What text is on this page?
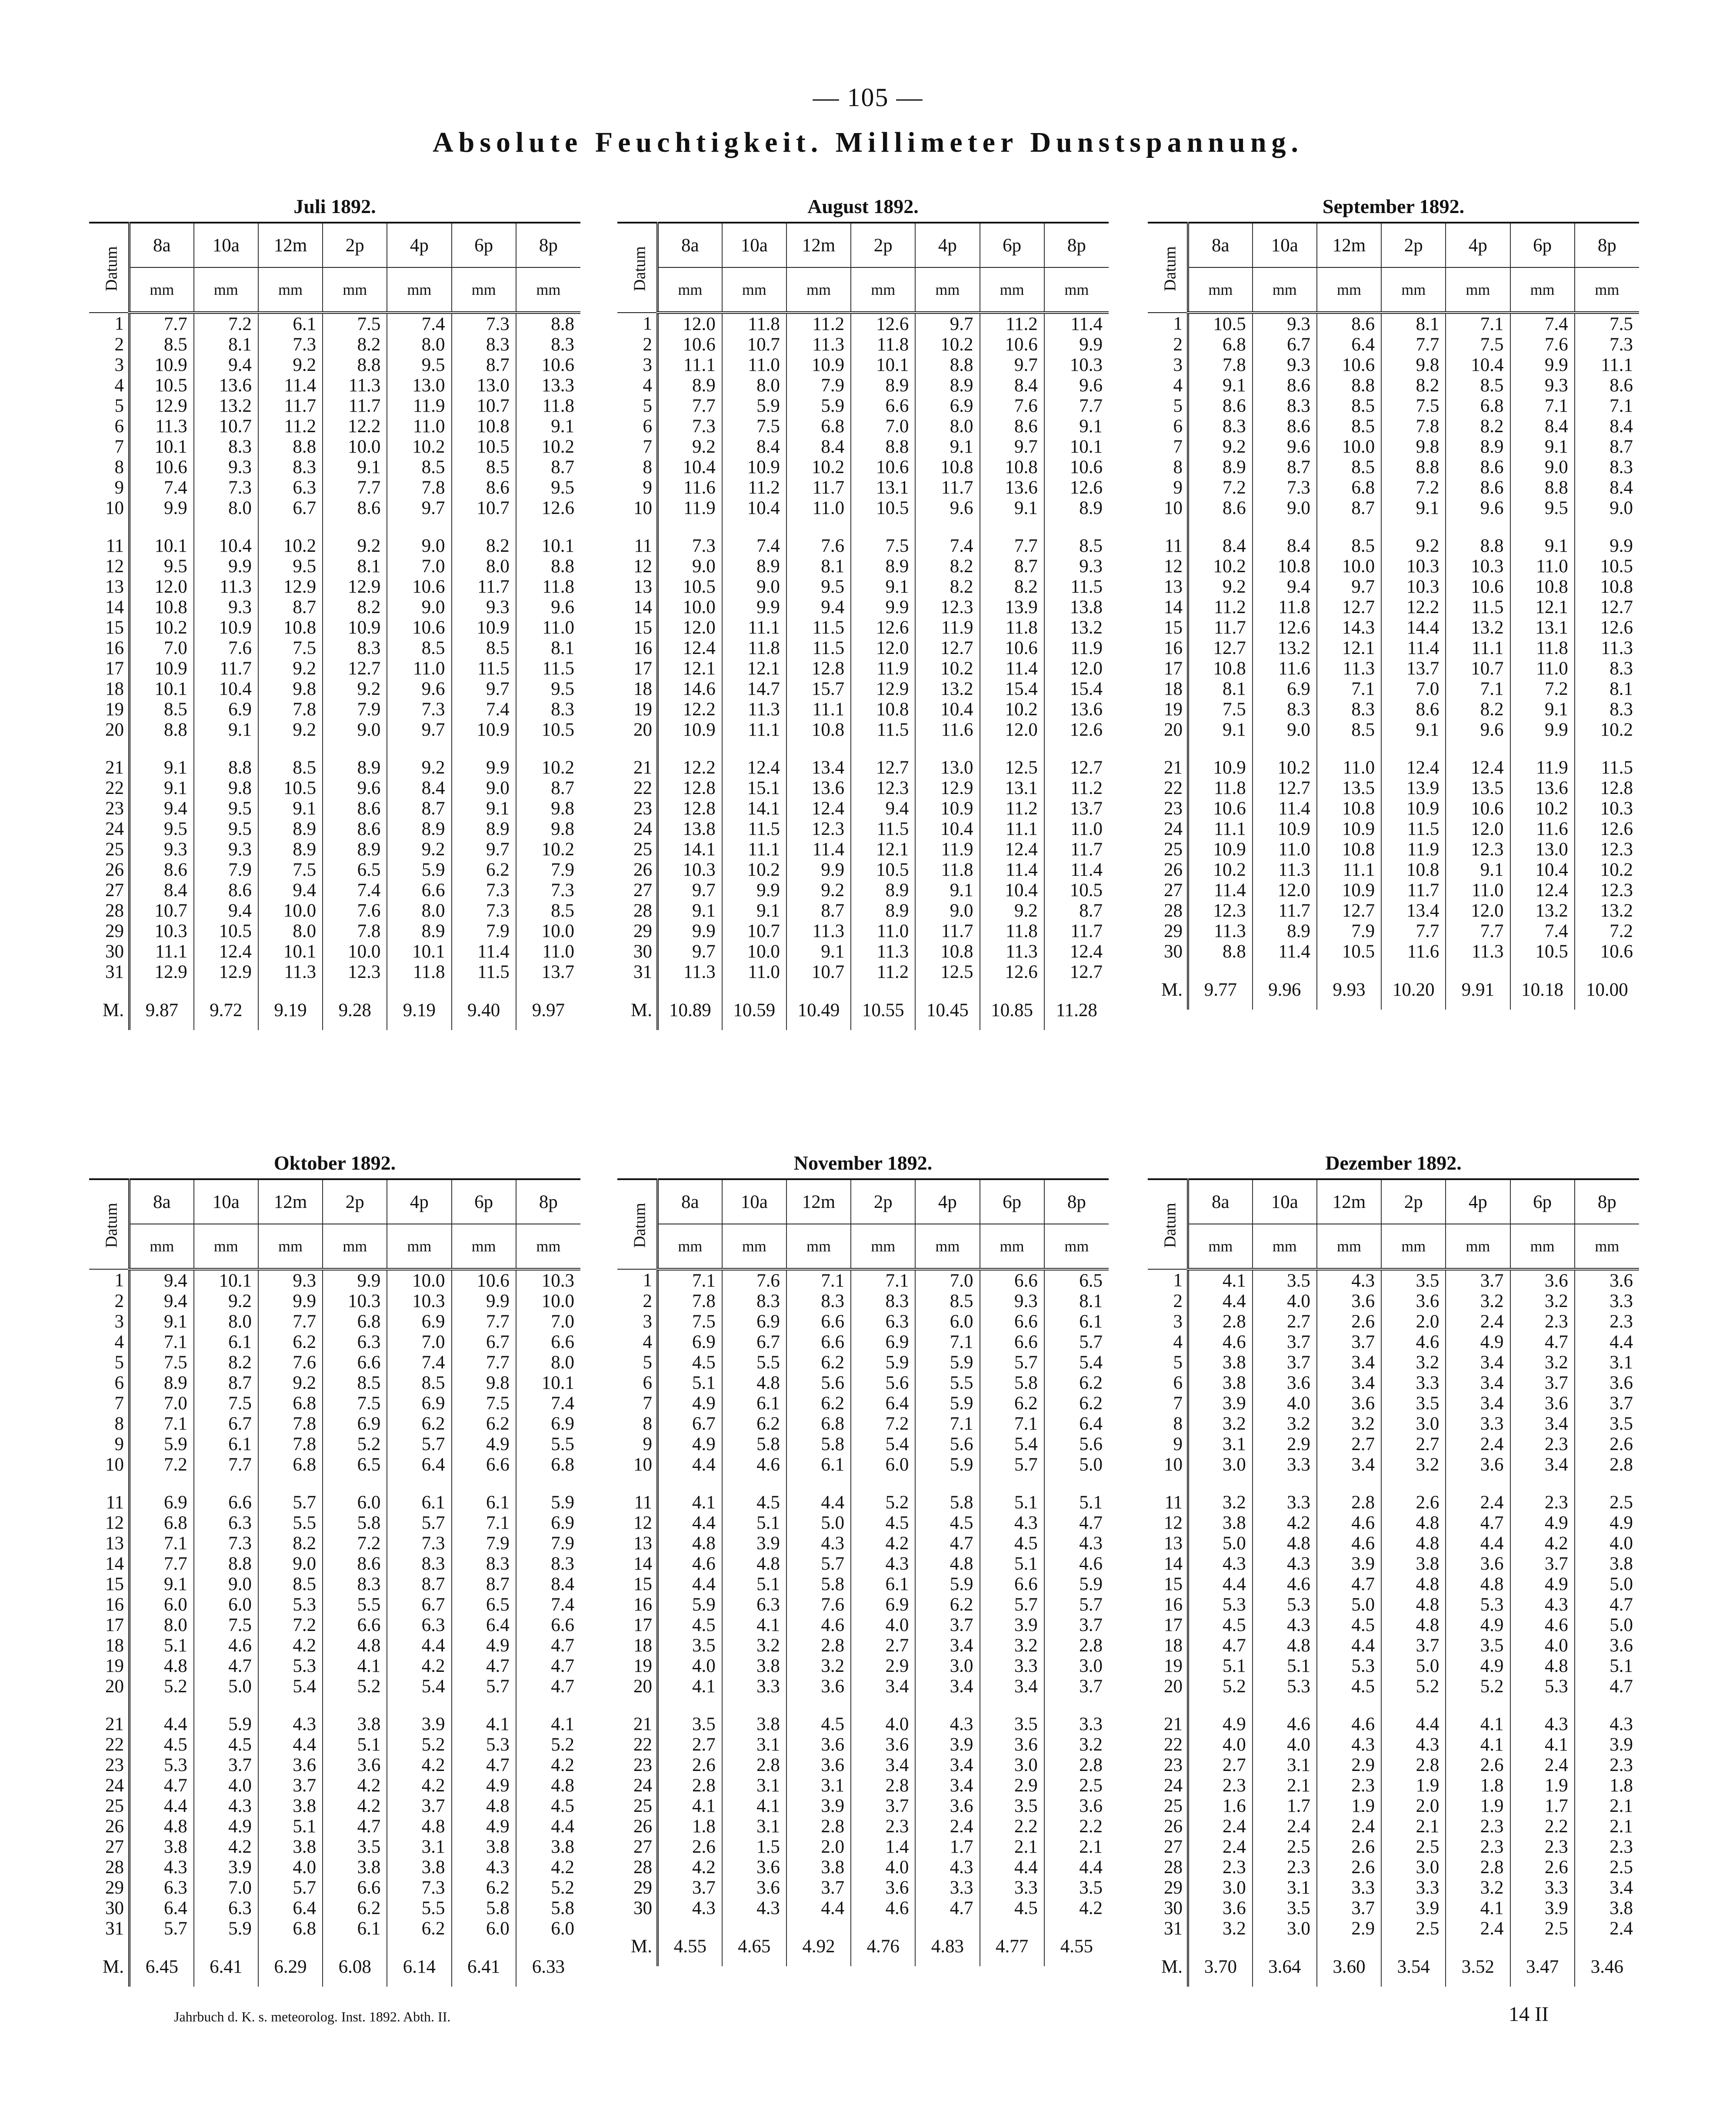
— 105 —
Absolute Feuchtigkeit. Millimeter Dunstspannung.
Juli 1892.
Datum	8a	10a	12m	2p	4p	6p	8p
	mm	mm	mm	mm	mm	mm	mm
1	7.7	7.2	6.1	7.5	7.4	7.3	8.8
2	8.5	8.1	7.3	8.2	8.0	8.3	8.3
3	10.9	9.4	9.2	8.8	9.5	8.7	10.6
4	10.5	13.6	11.4	11.3	13.0	13.0	13.3
5	12.9	13.2	11.7	11.7	11.9	10.7	11.8
6	11.3	10.7	11.2	12.2	11.0	10.8	9.1
7	10.1	8.3	8.8	10.0	10.2	10.5	10.2
8	10.6	9.3	8.3	9.1	8.5	8.5	8.7
9	7.4	7.3	6.3	7.7	7.8	8.6	9.5
10	9.9	8.0	6.7	8.6	9.7	10.7	12.6

11	10.1	10.4	10.2	9.2	9.0	8.2	10.1
12	9.5	9.9	9.5	8.1	7.0	8.0	8.8
13	12.0	11.3	12.9	12.9	10.6	11.7	11.8
14	10.8	9.3	8.7	8.2	9.0	9.3	9.6
15	10.2	10.9	10.8	10.9	10.6	10.9	11.0
16	7.0	7.6	7.5	8.3	8.5	8.5	8.1
17	10.9	11.7	9.2	12.7	11.0	11.5	11.5
18	10.1	10.4	9.8	9.2	9.6	9.7	9.5
19	8.5	6.9	7.8	7.9	7.3	7.4	8.3
20	8.8	9.1	9.2	9.0	9.7	10.9	10.5

21	9.1	8.8	8.5	8.9	9.2	9.9	10.2
22	9.1	9.8	10.5	9.6	8.4	9.0	8.7
23	9.4	9.5	9.1	8.6	8.7	9.1	9.8
24	9.5	9.5	8.9	8.6	8.9	8.9	9.8
25	9.3	9.3	8.9	8.9	9.2	9.7	10.2
26	8.6	7.9	7.5	6.5	5.9	6.2	7.9
27	8.4	8.6	9.4	7.4	6.6	7.3	7.3
28	10.7	9.4	10.0	7.6	8.0	7.3	8.5
29	10.3	10.5	8.0	7.8	8.9	7.9	10.0
30	11.1	12.4	10.1	10.0	10.1	11.4	11.0
31	12.9	12.9	11.3	12.3	11.8	11.5	13.7
M.	9.87	9.72	9.19	9.28	9.19	9.40	9.97
August 1892.
Datum	8a	10a	12m	2p	4p	6p	8p
	mm	mm	mm	mm	mm	mm	mm
1	12.0	11.8	11.2	12.6	9.7	11.2	11.4
2	10.6	10.7	11.3	11.8	10.2	10.6	9.9
3	11.1	11.0	10.9	10.1	8.8	9.7	10.3
4	8.9	8.0	7.9	8.9	8.9	8.4	9.6
5	7.7	5.9	5.9	6.6	6.9	7.6	7.7
6	7.3	7.5	6.8	7.0	8.0	8.6	9.1
7	9.2	8.4	8.4	8.8	9.1	9.7	10.1
8	10.4	10.9	10.2	10.6	10.8	10.8	10.6
9	11.6	11.2	11.7	13.1	11.7	13.6	12.6
10	11.9	10.4	11.0	10.5	9.6	9.1	8.9

11	7.3	7.4	7.6	7.5	7.4	7.7	8.5
12	9.0	8.9	8.1	8.9	8.2	8.7	9.3
13	10.5	9.0	9.5	9.1	8.2	8.2	11.5
14	10.0	9.9	9.4	9.9	12.3	13.9	13.8
15	12.0	11.1	11.5	12.6	11.9	11.8	13.2
16	12.4	11.8	11.5	12.0	12.7	10.6	11.9
17	12.1	12.1	12.8	11.9	10.2	11.4	12.0
18	14.6	14.7	15.7	12.9	13.2	15.4	15.4
19	12.2	11.3	11.1	10.8	10.4	10.2	13.6
20	10.9	11.1	10.8	11.5	11.6	12.0	12.6

21	12.2	12.4	13.4	12.7	13.0	12.5	12.7
22	12.8	15.1	13.6	12.3	12.9	13.1	11.2
23	12.8	14.1	12.4	9.4	10.9	11.2	13.7
24	13.8	11.5	12.3	11.5	10.4	11.1	11.0
25	14.1	11.1	11.4	12.1	11.9	12.4	11.7
26	10.3	10.2	9.9	10.5	11.8	11.4	11.4
27	9.7	9.9	9.2	8.9	9.1	10.4	10.5
28	9.1	9.1	8.7	8.9	9.0	9.2	8.7
29	9.9	10.7	11.3	11.0	11.7	11.8	11.7
30	9.7	10.0	9.1	11.3	10.8	11.3	12.4
31	11.3	11.0	10.7	11.2	12.5	12.6	12.7
M.	10.89	10.59	10.49	10.55	10.45	10.85	11.28
September 1892.
Datum	8a	10a	12m	2p	4p	6p	8p
	mm	mm	mm	mm	mm	mm	mm
1	10.5	9.3	8.6	8.1	7.1	7.4	7.5
2	6.8	6.7	6.4	7.7	7.5	7.6	7.3
3	7.8	9.3	10.6	9.8	10.4	9.9	11.1
4	9.1	8.6	8.8	8.2	8.5	9.3	8.6
5	8.6	8.3	8.5	7.5	6.8	7.1	7.1
6	8.3	8.6	8.5	7.8	8.2	8.4	8.4
7	9.2	9.6	10.0	9.8	8.9	9.1	8.7
8	8.9	8.7	8.5	8.8	8.6	9.0	8.3
9	7.2	7.3	6.8	7.2	8.6	8.8	8.4
10	8.6	9.0	8.7	9.1	9.6	9.5	9.0

11	8.4	8.4	8.5	9.2	8.8	9.1	9.9
12	10.2	10.8	10.0	10.3	10.3	11.0	10.5
13	9.2	9.4	9.7	10.3	10.6	10.8	10.8
14	11.2	11.8	12.7	12.2	11.5	12.1	12.7
15	11.7	12.6	14.3	14.4	13.2	13.1	12.6
16	12.7	13.2	12.1	11.4	11.1	11.8	11.3
17	10.8	11.6	11.3	13.7	10.7	11.0	8.3
18	8.1	6.9	7.1	7.0	7.1	7.2	8.1
19	7.5	8.3	8.3	8.6	8.2	9.1	8.3
20	9.1	9.0	8.5	9.1	9.6	9.9	10.2

21	10.9	10.2	11.0	12.4	12.4	11.9	11.5
22	11.8	12.7	13.5	13.9	13.5	13.6	12.8
23	10.6	11.4	10.8	10.9	10.6	10.2	10.3
24	11.1	10.9	10.9	11.5	12.0	11.6	12.6
25	10.9	11.0	10.8	11.9	12.3	13.0	12.3
26	10.2	11.3	11.1	10.8	9.1	10.4	10.2
27	11.4	12.0	10.9	11.7	11.0	12.4	12.3
28	12.3	11.7	12.7	13.4	12.0	13.2	13.2
29	11.3	8.9	7.9	7.7	7.7	7.4	7.2
30	8.8	11.4	10.5	11.6	11.3	10.5	10.6
M.	9.77	9.96	9.93	10.20	9.91	10.18	10.00
Oktober 1892.
Datum	8a	10a	12m	2p	4p	6p	8p
	mm	mm	mm	mm	mm	mm	mm
1	9.4	10.1	9.3	9.9	10.0	10.6	10.3
2	9.4	9.2	9.9	10.3	10.3	9.9	10.0
3	9.1	8.0	7.7	6.8	6.9	7.7	7.0
4	7.1	6.1	6.2	6.3	7.0	6.7	6.6
5	7.5	8.2	7.6	6.6	7.4	7.7	8.0
6	8.9	8.7	9.2	8.5	8.5	9.8	10.1
7	7.0	7.5	6.8	7.5	6.9	7.5	7.4
8	7.1	6.7	7.8	6.9	6.2	6.2	6.9
9	5.9	6.1	7.8	5.2	5.7	4.9	5.5
10	7.2	7.7	6.8	6.5	6.4	6.6	6.8

11	6.9	6.6	5.7	6.0	6.1	6.1	5.9
12	6.8	6.3	5.5	5.8	5.7	7.1	6.9
13	7.1	7.3	8.2	7.2	7.3	7.9	7.9
14	7.7	8.8	9.0	8.6	8.3	8.3	8.3
15	9.1	9.0	8.5	8.3	8.7	8.7	8.4
16	6.0	6.0	5.3	5.5	6.7	6.5	7.4
17	8.0	7.5	7.2	6.6	6.3	6.4	6.6
18	5.1	4.6	4.2	4.8	4.4	4.9	4.7
19	4.8	4.7	5.3	4.1	4.2	4.7	4.7
20	5.2	5.0	5.4	5.2	5.4	5.7	4.7

21	4.4	5.9	4.3	3.8	3.9	4.1	4.1
22	4.5	4.5	4.4	5.1	5.2	5.3	5.2
23	5.3	3.7	3.6	3.6	4.2	4.7	4.2
24	4.7	4.0	3.7	4.2	4.2	4.9	4.8
25	4.4	4.3	3.8	4.2	3.7	4.8	4.5
26	4.8	4.9	5.1	4.7	4.8	4.9	4.4
27	3.8	4.2	3.8	3.5	3.1	3.8	3.8
28	4.3	3.9	4.0	3.8	3.8	4.3	4.2
29	6.3	7.0	5.7	6.6	7.3	6.2	5.2
30	6.4	6.3	6.4	6.2	5.5	5.8	5.8
31	5.7	5.9	6.8	6.1	6.2	6.0	6.0
M.	6.45	6.41	6.29	6.08	6.14	6.41	6.33
November 1892.
Datum	8a	10a	12m	2p	4p	6p	8p
	mm	mm	mm	mm	mm	mm	mm
1	7.1	7.6	7.1	7.1	7.0	6.6	6.5
2	7.8	8.3	8.3	8.3	8.5	9.3	8.1
3	7.5	6.9	6.6	6.3	6.0	6.6	6.1
4	6.9	6.7	6.6	6.9	7.1	6.6	5.7
5	4.5	5.5	6.2	5.9	5.9	5.7	5.4
6	5.1	4.8	5.6	5.6	5.5	5.8	6.2
7	4.9	6.1	6.2	6.4	5.9	6.2	6.2
8	6.7	6.2	6.8	7.2	7.1	7.1	6.4
9	4.9	5.8	5.8	5.4	5.6	5.4	5.6
10	4.4	4.6	6.1	6.0	5.9	5.7	5.0

11	4.1	4.5	4.4	5.2	5.8	5.1	5.1
12	4.4	5.1	5.0	4.5	4.5	4.3	4.7
13	4.8	3.9	4.3	4.2	4.7	4.5	4.3
14	4.6	4.8	5.7	4.3	4.8	5.1	4.6
15	4.4	5.1	5.8	6.1	5.9	6.6	5.9
16	5.9	6.3	7.6	6.9	6.2	5.7	5.7
17	4.5	4.1	4.6	4.0	3.7	3.9	3.7
18	3.5	3.2	2.8	2.7	3.4	3.2	2.8
19	4.0	3.8	3.2	2.9	3.0	3.3	3.0
20	4.1	3.3	3.6	3.4	3.4	3.4	3.7

21	3.5	3.8	4.5	4.0	4.3	3.5	3.3
22	2.7	3.1	3.6	3.6	3.9	3.6	3.2
23	2.6	2.8	3.6	3.4	3.4	3.0	2.8
24	2.8	3.1	3.1	2.8	3.4	2.9	2.5
25	4.1	4.1	3.9	3.7	3.6	3.5	3.6
26	1.8	3.1	2.8	2.3	2.4	2.2	2.2
27	2.6	1.5	2.0	1.4	1.7	2.1	2.1
28	4.2	3.6	3.8	4.0	4.3	4.4	4.4
29	3.7	3.6	3.7	3.6	3.3	3.3	3.5
30	4.3	4.3	4.4	4.6	4.7	4.5	4.2
M.	4.55	4.65	4.92	4.76	4.83	4.77	4.55
Dezember 1892.
Datum	8a	10a	12m	2p	4p	6p	8p
	mm	mm	mm	mm	mm	mm	mm
1	4.1	3.5	4.3	3.5	3.7	3.6	3.6
2	4.4	4.0	3.6	3.6	3.2	3.2	3.3
3	2.8	2.7	2.6	2.0	2.4	2.3	2.3
4	4.6	3.7	3.7	4.6	4.9	4.7	4.4
5	3.8	3.7	3.4	3.2	3.4	3.2	3.1
6	3.8	3.6	3.4	3.3	3.4	3.7	3.6
7	3.9	4.0	3.6	3.5	3.4	3.6	3.7
8	3.2	3.2	3.2	3.0	3.3	3.4	3.5
9	3.1	2.9	2.7	2.7	2.4	2.3	2.6
10	3.0	3.3	3.4	3.2	3.6	3.4	2.8

11	3.2	3.3	2.8	2.6	2.4	2.3	2.5
12	3.8	4.2	4.6	4.8	4.7	4.9	4.9
13	5.0	4.8	4.6	4.8	4.4	4.2	4.0
14	4.3	4.3	3.9	3.8	3.6	3.7	3.8
15	4.4	4.6	4.7	4.8	4.8	4.9	5.0
16	5.3	5.3	5.0	4.8	5.3	4.3	4.7
17	4.5	4.3	4.5	4.8	4.9	4.6	5.0
18	4.7	4.8	4.4	3.7	3.5	4.0	3.6
19	5.1	5.1	5.3	5.0	4.9	4.8	5.1
20	5.2	5.3	4.5	5.2	5.2	5.3	4.7

21	4.9	4.6	4.6	4.4	4.1	4.3	4.3
22	4.0	4.0	4.3	4.3	4.1	4.1	3.9
23	2.7	3.1	2.9	2.8	2.6	2.4	2.3
24	2.3	2.1	2.3	1.9	1.8	1.9	1.8
25	1.6	1.7	1.9	2.0	1.9	1.7	2.1
26	2.4	2.4	2.4	2.1	2.3	2.2	2.1
27	2.4	2.5	2.6	2.5	2.3	2.3	2.3
28	2.3	2.3	2.6	3.0	2.8	2.6	2.5
29	3.0	3.1	3.3	3.3	3.2	3.3	3.4
30	3.6	3.5	3.7	3.9	4.1	3.9	3.8
31	3.2	3.0	2.9	2.5	2.4	2.5	2.4
M.	3.70	3.64	3.60	3.54	3.52	3.47	3.46
Jahrbuch d. K. s. meteorolog. Inst. 1892. Abth. II.	14 II
